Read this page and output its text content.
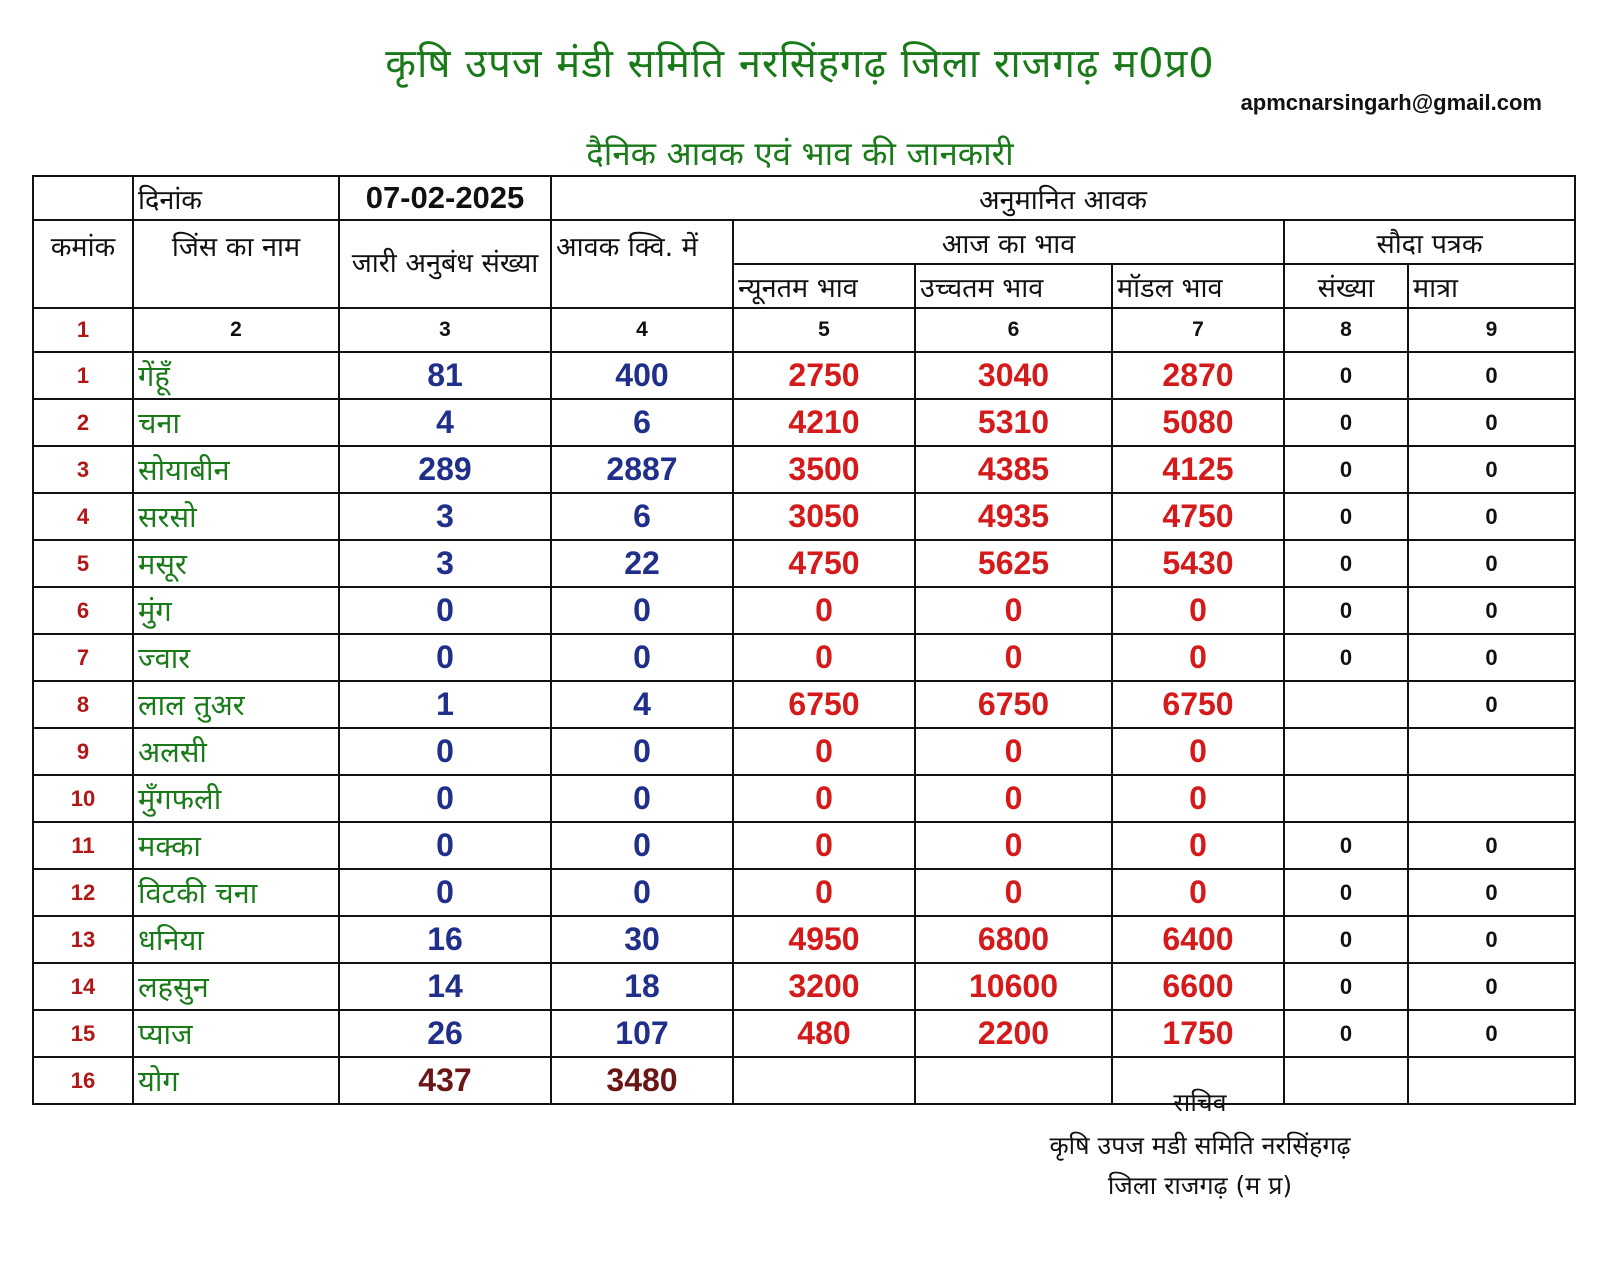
कृषि उपज मंडी समिति नरसिंहगढ़ जिला राजगढ़ म0प्र0
apmcnarsingarh@gmail.com
दैनिक आवक एवं भाव की जानकारी
	दिनांक	07-02-2025	अनुमानित आवक					
कमांक	जिंस का नाम	जारी अनुबंध संख्या	आवक क्वि. में	आज का भाव			सौदा पत्रक	
				न्यूनतम भाव	उच्चतम भाव	मॉडल भाव	संख्या	मात्रा
1	2	3	4	5	6	7	8	9
1	गेंहूँ	81	400	2750	3040	2870	0	0
2	चना	4	6	4210	5310	5080	0	0
3	सोयाबीन	289	2887	3500	4385	4125	0	0
4	सरसो	3	6	3050	4935	4750	0	0
5	मसूर	3	22	4750	5625	5430	0	0
6	मुंग	0	0	0	0	0	0	0
7	ज्वार	0	0	0	0	0	0	0
8	लाल तुअर	1	4	6750	6750	6750		0
9	अलसी	0	0	0	0	0		
10	मुँगफली	0	0	0	0	0		
11	मक्का	0	0	0	0	0	0	0
12	विटकी चना	0	0	0	0	0	0	0
13	धनिया	16	30	4950	6800	6400	0	0
14	लहसुन	14	18	3200	10600	6600	0	0
15	प्याज	26	107	480	2200	1750	0	0
16	योग	437	3480					
सचिव
कृषि उपज मडी समिति नरसिंहगढ़
जिला राजगढ़ (म प्र)
